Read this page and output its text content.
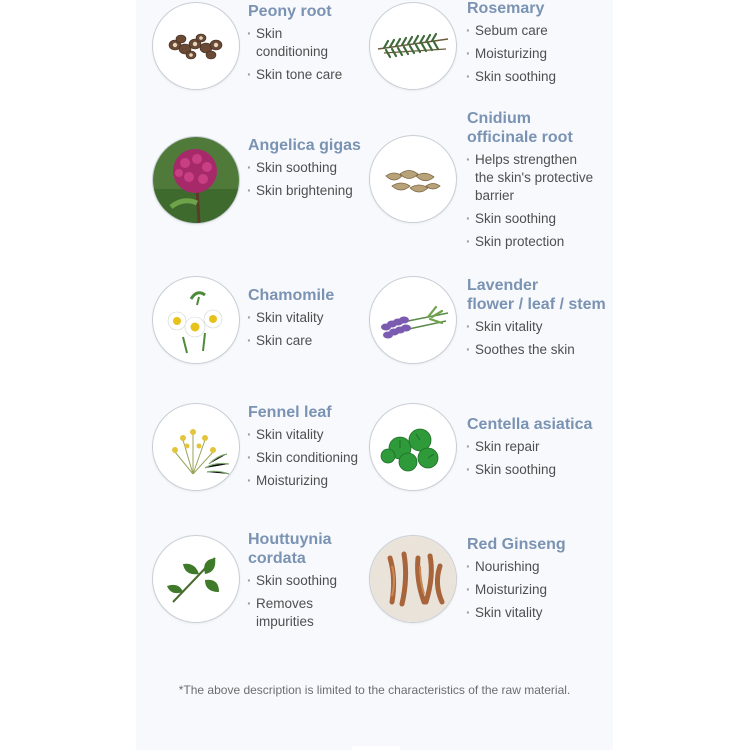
Peony root
· Skin
conditioning
· Skin tone care
Rosemary
· Sebum care
· Moisturizing
· Skin soothing
Angelica gigas
· Skin soothing
· Skin brightening
Cnidium
officinale root
· Helps strengthen
the skin's protective
barrier
· Skin soothing
· Skin protection
Chamomile
· Skin vitality
· Skin care
Lavender
flower / leaf / stem
· Skin vitality
· Soothes the skin
Fennel leaf
· Skin vitality
· Skin conditioning
· Moisturizing
Centella asiatica
· Skin repair
· Skin soothing
Houttuynia
cordata
· Skin soothing
· Removes
impurities
Red Ginseng
· Nourishing
· Moisturizing
· Skin vitality
*The above description is limited to the characteristics of the raw material.
